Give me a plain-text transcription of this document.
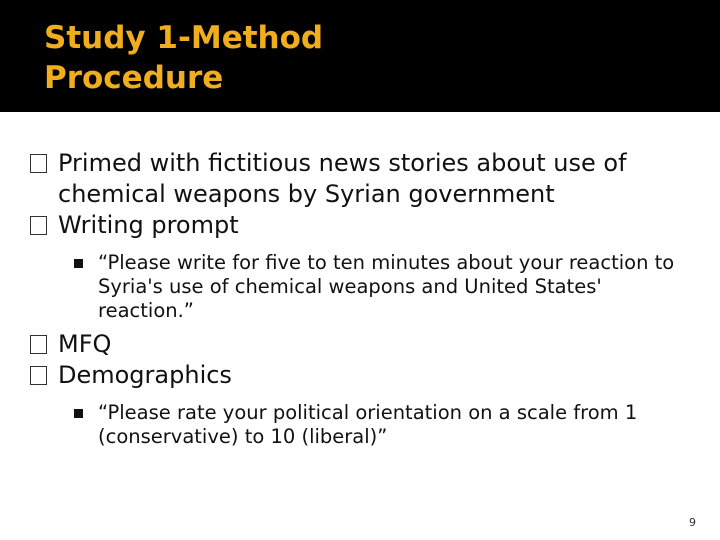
Study 1-Method
Procedure
Primed with fictitious news stories about use of chemical weapons by Syrian government
Writing prompt
“Please write for five to ten minutes about your reaction to Syria's use of chemical weapons and United States' reaction.”
MFQ
Demographics
“Please rate your political orientation on a scale from 1 (conservative) to 10 (liberal)”
9
